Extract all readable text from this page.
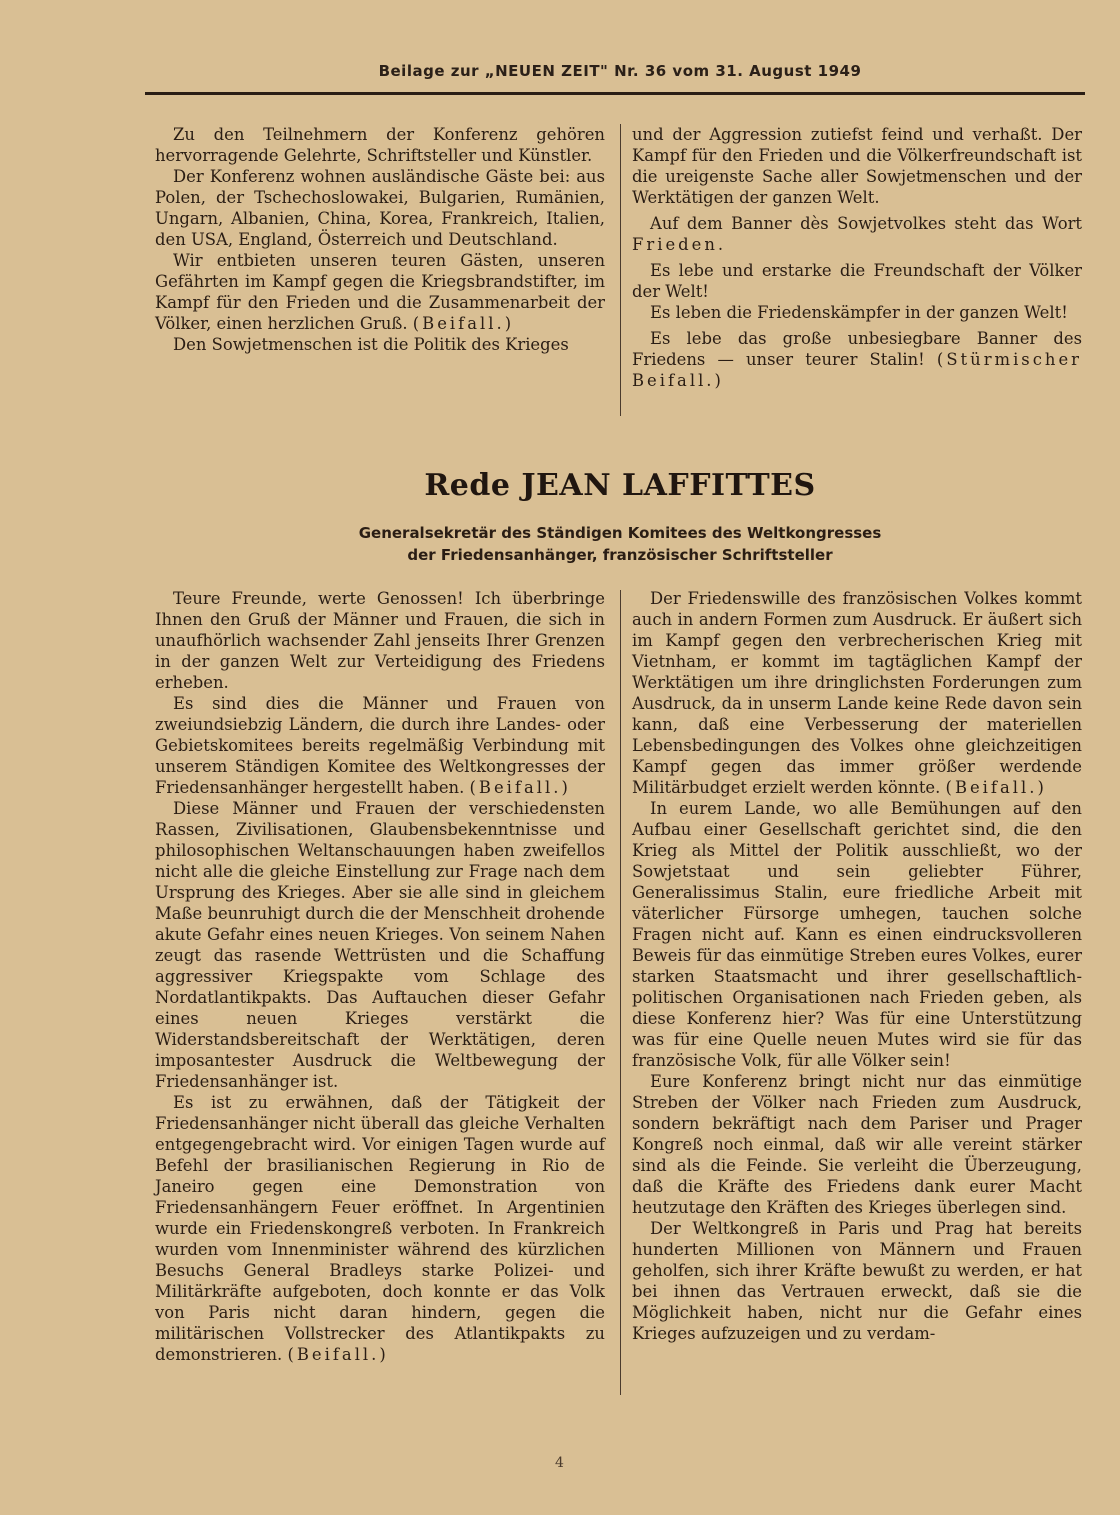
Beilage zur „NEUEN ZEIT" Nr. 36 vom 31. August 1949

Zu den Teilnehmern der Konferenz gehören hervorragende Gelehrte, Schriftsteller und Künstler.

Der Konferenz wohnen ausländische Gäste bei: aus Polen, der Tschechoslowakei, Bulgarien, Rumänien, Ungarn, Albanien, China, Korea, Frankreich, Italien, den USA, England, Österreich und Deutschland.

Wir entbieten unseren teuren Gästen, unseren Gefährten im Kampf gegen die Kriegsbrandstifter, im Kampf für den Frieden und die Zusammenarbeit der Völker, einen herzlichen Gruß. (Beifall.)

Den Sowjetmenschen ist die Politik des Krieges

und der Aggression zutiefst feind und verhaßt. Der Kampf für den Frieden und die Völkerfreundschaft ist die ureigenste Sache aller Sowjetmenschen und der Werktätigen der ganzen Welt.

Auf dem Banner dès Sowjetvolkes steht das Wort Frieden.

Es lebe und erstarke die Freundschaft der Völker der Welt!

Es leben die Friedenskämpfer in der ganzen Welt!

Es lebe das große unbesiegbare Banner des Friedens — unser teurer Stalin! (Stürmischer Beifall.)

Rede JEAN LAFFITTES
Generalsekretär des Ständigen Komitees des Weltkongresses
der Friedensanhänger, französischer Schriftsteller

Teure Freunde, werte Genossen! Ich überbringe Ihnen den Gruß der Männer und Frauen, die sich in unaufhörlich wachsender Zahl jenseits Ihrer Grenzen in der ganzen Welt zur Verteidigung des Friedens erheben.

Es sind dies die Männer und Frauen von zweiundsiebzig Ländern, die durch ihre Landes- oder Gebietskomitees bereits regelmäßig Verbindung mit unserem Ständigen Komitee des Weltkongresses der Friedensanhänger hergestellt haben. (Beifall.)

Diese Männer und Frauen der verschiedensten Rassen, Zivilisationen, Glaubensbekenntnisse und philosophischen Weltanschauungen haben zweifellos nicht alle die gleiche Einstellung zur Frage nach dem Ursprung des Krieges. Aber sie alle sind in gleichem Maße beunruhigt durch die der Menschheit drohende akute Gefahr eines neuen Krieges. Von seinem Nahen zeugt das rasende Wettrüsten und die Schaffung aggressiver Kriegspakte vom Schlage des Nordatlantikpakts. Das Auftauchen dieser Gefahr eines neuen Krieges verstärkt die Widerstandsbereitschaft der Werktätigen, deren imposantester Ausdruck die Weltbewegung der Friedensanhänger ist.

Es ist zu erwähnen, daß der Tätigkeit der Friedensanhänger nicht überall das gleiche Verhalten entgegengebracht wird. Vor einigen Tagen wurde auf Befehl der brasilianischen Regierung in Rio de Janeiro gegen eine Demonstration von Friedensanhängern Feuer eröffnet. In Argentinien wurde ein Friedenskongreß verboten. In Frankreich wurden vom Innenminister während des kürzlichen Besuchs General Bradleys starke Polizei- und Militärkräfte aufgeboten, doch konnte er das Volk von Paris nicht daran hindern, gegen die militärischen Vollstrecker des Atlantikpakts zu demonstrieren. (Beifall.)

Der Friedenswille des französischen Volkes kommt auch in andern Formen zum Ausdruck. Er äußert sich im Kampf gegen den verbrecherischen Krieg mit Vietnham, er kommt im tagtäglichen Kampf der Werktätigen um ihre dringlichsten Forderungen zum Ausdruck, da in unserm Lande keine Rede davon sein kann, daß eine Verbesserung der materiellen Lebensbedingungen des Volkes ohne gleichzeitigen Kampf gegen das immer größer werdende Militärbudget erzielt werden könnte. (Beifall.)

In eurem Lande, wo alle Bemühungen auf den Aufbau einer Gesellschaft gerichtet sind, die den Krieg als Mittel der Politik ausschließt, wo der Sowjetstaat und sein geliebter Führer, Generalissimus Stalin, eure friedliche Arbeit mit väterlicher Fürsorge umhegen, tauchen solche Fragen nicht auf. Kann es einen eindrucksvolleren Beweis für das einmütige Streben eures Volkes, eurer starken Staatsmacht und ihrer gesellschaftlich-politischen Organisationen nach Frieden geben, als diese Konferenz hier? Was für eine Unterstützung was für eine Quelle neuen Mutes wird sie für das französische Volk, für alle Völker sein!

Eure Konferenz bringt nicht nur das einmütige Streben der Völker nach Frieden zum Ausdruck, sondern bekräftigt nach dem Pariser und Prager Kongreß noch einmal, daß wir alle vereint stärker sind als die Feinde. Sie verleiht die Überzeugung, daß die Kräfte des Friedens dank eurer Macht heutzutage den Kräften des Krieges überlegen sind.

Der Weltkongreß in Paris und Prag hat bereits hunderten Millionen von Männern und Frauen geholfen, sich ihrer Kräfte bewußt zu werden, er hat bei ihnen das Vertrauen erweckt, daß sie die Möglichkeit haben, nicht nur die Gefahr eines Krieges aufzuzeigen und zu verdam-

4
